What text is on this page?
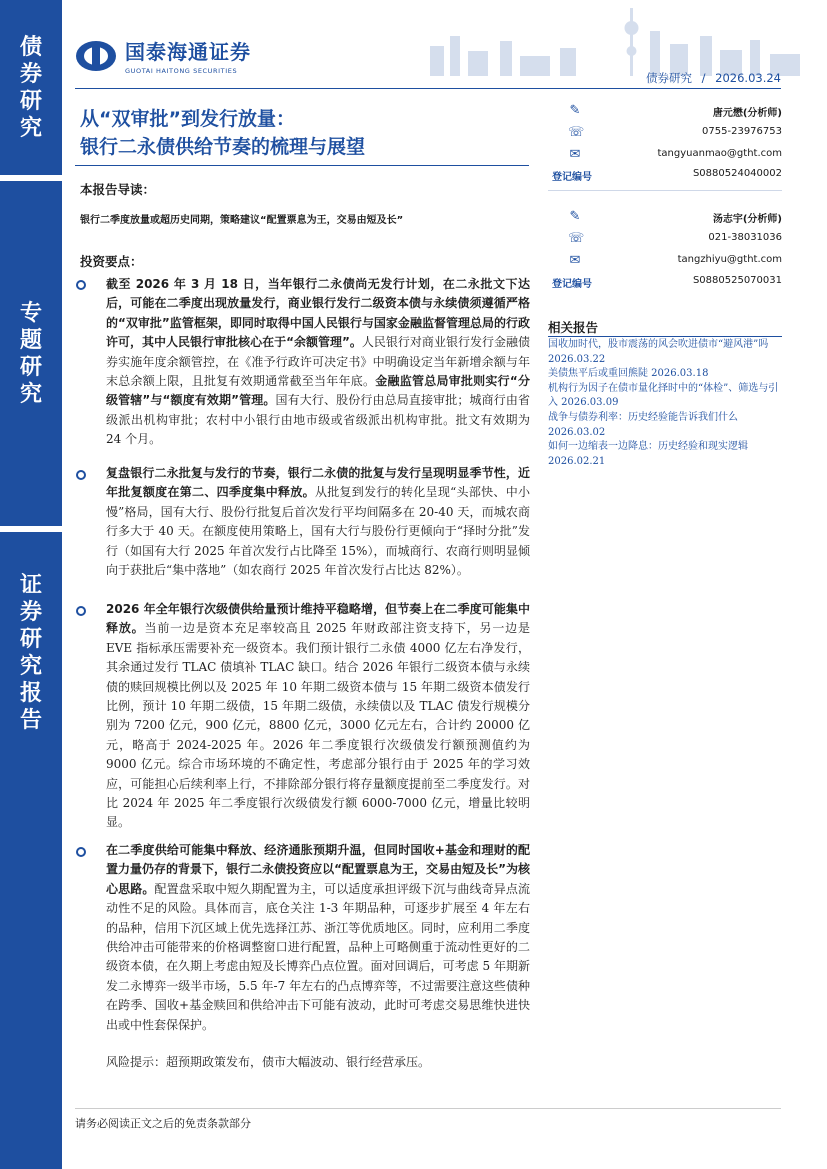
债
券
研
究
专
题
研
究
证
券
研
究
报
告
国泰海通证券
GUOTAI HAITONG SECURITIES	债券研究 / 2026.03.24
从“双审批”到发行放量：
银行二永债供给节奏的梳理与展望
本报告导读：
银行二季度放量或超历史同期，策略建议“配置票息为王，交易由短及长”
投资要点：
截至 2026 年 3 月 18 日，当年银行二永债尚无发行计划，在二永批文下达后，可能在二季度出现放量发行，商业银行发行二级资本债与永续债须遵循严格的“双审批”监管框架，即同时取得中国人民银行与国家金融监督管理总局的行政许可，其中人民银行审批核心在于“余额管理”。人民银行对商业银行发行金融债券实施年度余额管控，在《准予行政许可决定书》中明确设定当年新增余额与年末总余额上限，且批复有效期通常截至当年年底。金融监管总局审批则实行“分级管辖”与“额度有效期”管理。国有大行、股份行由总局直接审批；城商行由省级派出机构审批；农村中小银行由地市级或省级派出机构审批。批文有效期为 24 个月。
复盘银行二永批复与发行的节奏，银行二永债的批复与发行呈现明显季节性，近年批复额度在第二、四季度集中释放。从批复到发行的转化呈现“头部快、中小慢”格局，国有大行、股份行批复后首次发行平均间隔多在 20-40 天，而城农商行多大于 40 天。在额度使用策略上，国有大行与股份行更倾向于“择时分批”发行（如国有大行 2025 年首次发行占比降至 15%），而城商行、农商行则明显倾向于获批后“集中落地”（如农商行 2025 年首次发行占比达 82%）。
2026 年全年银行次级债供给量预计维持平稳略增，但节奏上在二季度可能集中释放。当前一边是资本充足率较高且 2025 年财政部注资支持下，另一边是 EVE 指标承压需要补充一级资本。我们预计银行二永债 4000 亿左右净发行，其余通过发行 TLAC 债填补 TLAC 缺口。结合 2026 年银行二级资本债与永续债的赎回规模比例以及 2025 年 10 年期二级资本债与 15 年期二级资本债发行比例，预计 10 年期二级债，15 年期二级债，永续债以及 TLAC 债发行规模分别为 7200 亿元，900 亿元，8800 亿元，3000 亿元左右，合计约 20000 亿元，略高于 2024-2025 年。2026 年二季度银行次级债发行额预测值约为 9000 亿元。综合市场环境的不确定性，考虑部分银行由于 2025 年的学习效应，可能担心后续利率上行，不排除部分银行将存量额度提前至二季度发行。对比 2024 年 2025 年二季度银行次级债发行额 6000-7000 亿元，增量比较明显。
在二季度供给可能集中释放、经济通胀预期升温，但同时国收+基金和理财的配置力量仍存的背景下，银行二永债投资应以“配置票息为王，交易由短及长”为核心思路。配置盘采取中短久期配置为主，可以适度承担评级下沉与曲线奇异点流动性不足的风险。具体而言，底仓关注 1-3 年期品种，可逐步扩展至 4 年左右的品种，信用下沉区域上优先选择江苏、浙江等优质地区。同时，应利用二季度供给冲击可能带来的价格调整窗口进行配置，品种上可略侧重于流动性更好的二级资本债，在久期上考虑由短及长博弈凸点位置。面对回调后，可考虑 5 年期新发二永博弈一级半市场，5.5 年-7 年左右的凸点博弈等，不过需要注意这些债种在跨季、国收+基金赎回和供给冲击下可能有波动，此时可考虑交易思维快进快出或中性套保保护。
风险提示：超预期政策发布，债市大幅波动、银行经营承压。
✎	唐元懋(分析师)
☏	0755-23976753
✉	tangyuanmao@gtht.com
登记编号	S0880524040002
✎	汤志宇(分析师)
☏	021-38031036
✉	tangzhiyu@gtht.com
登记编号	S0880525070031
相关报告
国收加时代，股市震荡的风会吹进债市“避风港”吗 2026.03.22
美债焦平后或重回熊陡 2026.03.18
机构行为因子在债市量化择时中的“体检”、筛选与引入 2026.03.09
战争与债券利率：历史经验能告诉我们什么 2026.03.02
如何一边缩表一边降息：历史经验和现实逻辑 2026.02.21
请务必阅读正文之后的免责条款部分
